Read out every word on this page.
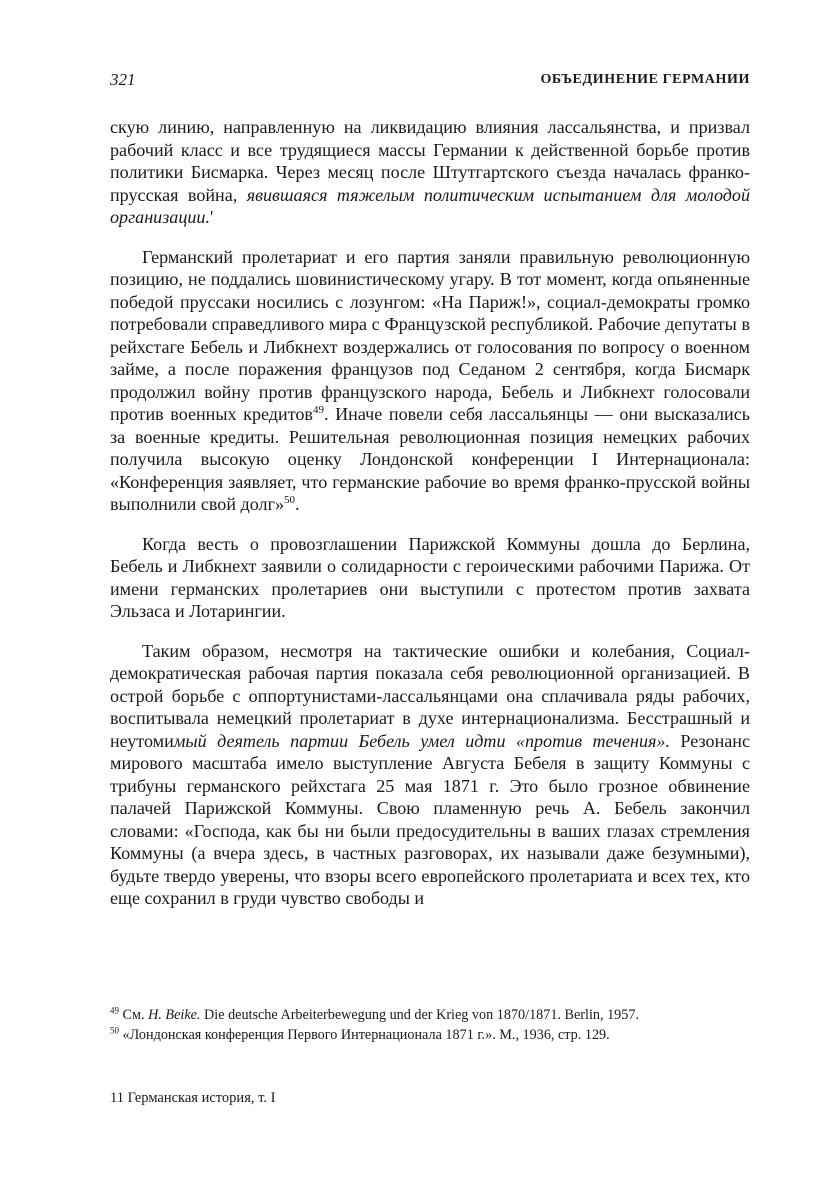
321	ОБЪЕДИНЕНИЕ ГЕРМАНИИ

скую линию, направленную на ликвидацию влияния лассальянства, и призвал рабочий класс и все трудящиеся массы Германии к действенной борьбе против политики Бисмарка. Через месяц после Штутгартского съезда началась франко-прусская война, явившаяся тяжелым политическим испытанием для молодой организации.'

Германский пролетариат и его партия заняли правильную революционную позицию, не поддались шовинистическому угару. В тот момент, когда опьяненные победой пруссаки носились с лозунгом: «На Париж!», социал-демократы громко потребовали справедливого мира с Французской республикой. Рабочие депутаты в рейхстаге Бебель и Либкнехт воздержались от голосования по вопросу о военном займе, а после поражения французов под Седаном 2 сентября, когда Бисмарк продолжил войну против французского народа, Бебель и Либкнехт голосовали против военных кредитов$^{49}$. Иначе повели себя лассальянцы — они высказались за военные кредиты. Решительная революционная позиция немецких рабочих получила высокую оценку Лондонской конференции I Интернационала: «Конференция заявляет, что германские рабочие во время франко-прусской войны выполнили свой долг»$^{50}$.

Когда весть о провозглашении Парижской Коммуны дошла до Берлина, Бебель и Либкнехт заявили о солидарности с героическими рабочими Парижа. От имени германских пролетариев они выступили с протестом против захвата Эльзаса и Лотарингии.

Таким образом, несмотря на тактические ошибки и колебания, Социал-демократическая рабочая партия показала себя революционной организацией. В острой борьбе с оппортунистами-лассальянцами она сплачивала ряды рабочих, воспитывала немецкий пролетариат в духе интернационализма. Бесстрашный и неутомимый деятель партии Бебель умел идти «против течения». Резонанс мирового масштаба имело выступление Августа Бебеля в защиту Коммуны с трибуны германского рейхстага 25 мая 1871 г. Это было грозное обвинение палачей Парижской Коммуны. Свою пламенную речь А. Бебель закончил словами: «Господа, как бы ни были предосудительны в ваших глазах стремления Коммуны (а вчера здесь, в частных разговорах, их называли даже безумными), будьте твердо уверены, что взоры всего европейского пролетариата и всех тех, кто еще сохранил в груди чувство свободы и

$^{49}$ См. H. Beike. Die deutsche Arbeiterbewegung und der Krieg von 1870/1871. Berlin, 1957.
$^{50}$ «Лондонская конференция Первого Интернационала 1871 г.». М., 1936, стр. 129.
11 Германская история, т. I
